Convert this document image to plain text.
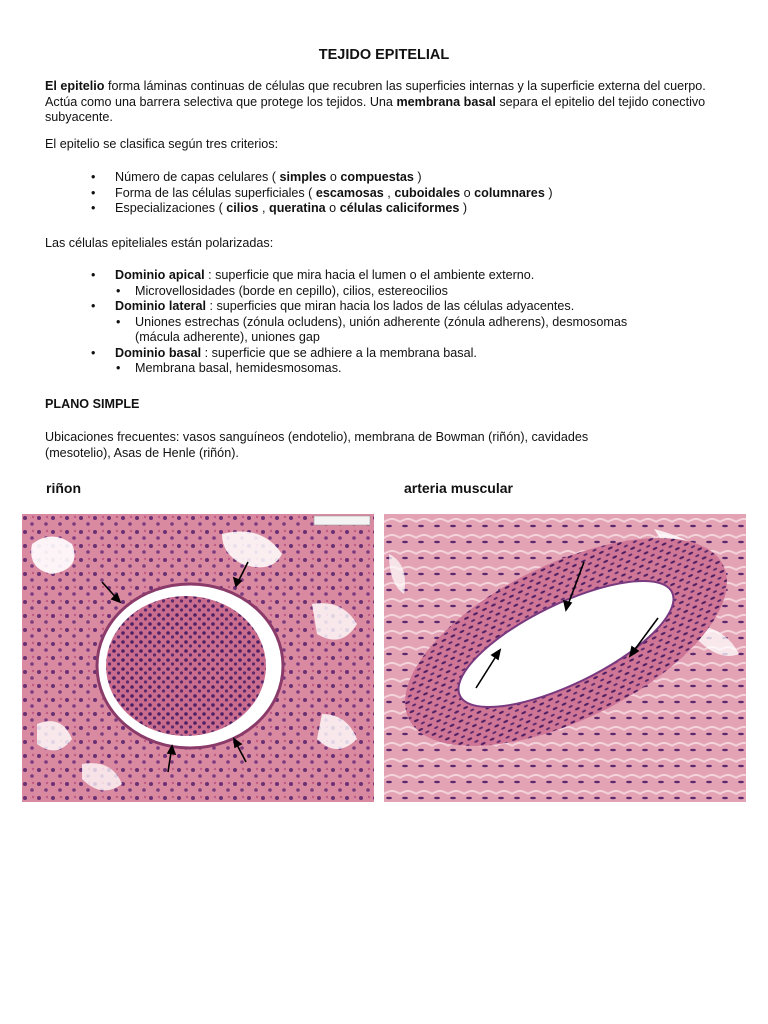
TEJIDO EPITELIAL
El epitelio forma láminas continuas de células que recubren las superficies internas y la superficie externa del cuerpo. Actúa como una barrera selectiva que protege los tejidos. Una membrana basal separa el epitelio del tejido conectivo subyacente.
El epitelio se clasifica según tres criterios:
• Número de capas celulares ( simples o compuestas )
• Forma de las células superficiales ( escamosas , cuboidales o columnares )
• Especializaciones ( cilios , queratina o células caliciformes )
Las células epiteliales están polarizadas:
• Dominio apical : superficie que mira hacia el lumen o el ambiente externo.
• Microvellosidades (borde en cepillo), cilios, estereocilios
• Dominio lateral : superficies que miran hacia los lados de las células adyacentes.
• Uniones estrechas (zónula ocludens), unión adherente (zónula adherens), desmosomas (mácula adherente), uniones gap
• Dominio basal : superficie que se adhiere a la membrana basal.
• Membrana basal, hemidesmosomas.
PLANO SIMPLE
Ubicaciones frecuentes: vasos sanguíneos (endotelio), membrana de Bowman (riñón), cavidades (mesotelio), Asas de Henle (riñón).
riñon	arteria muscular
